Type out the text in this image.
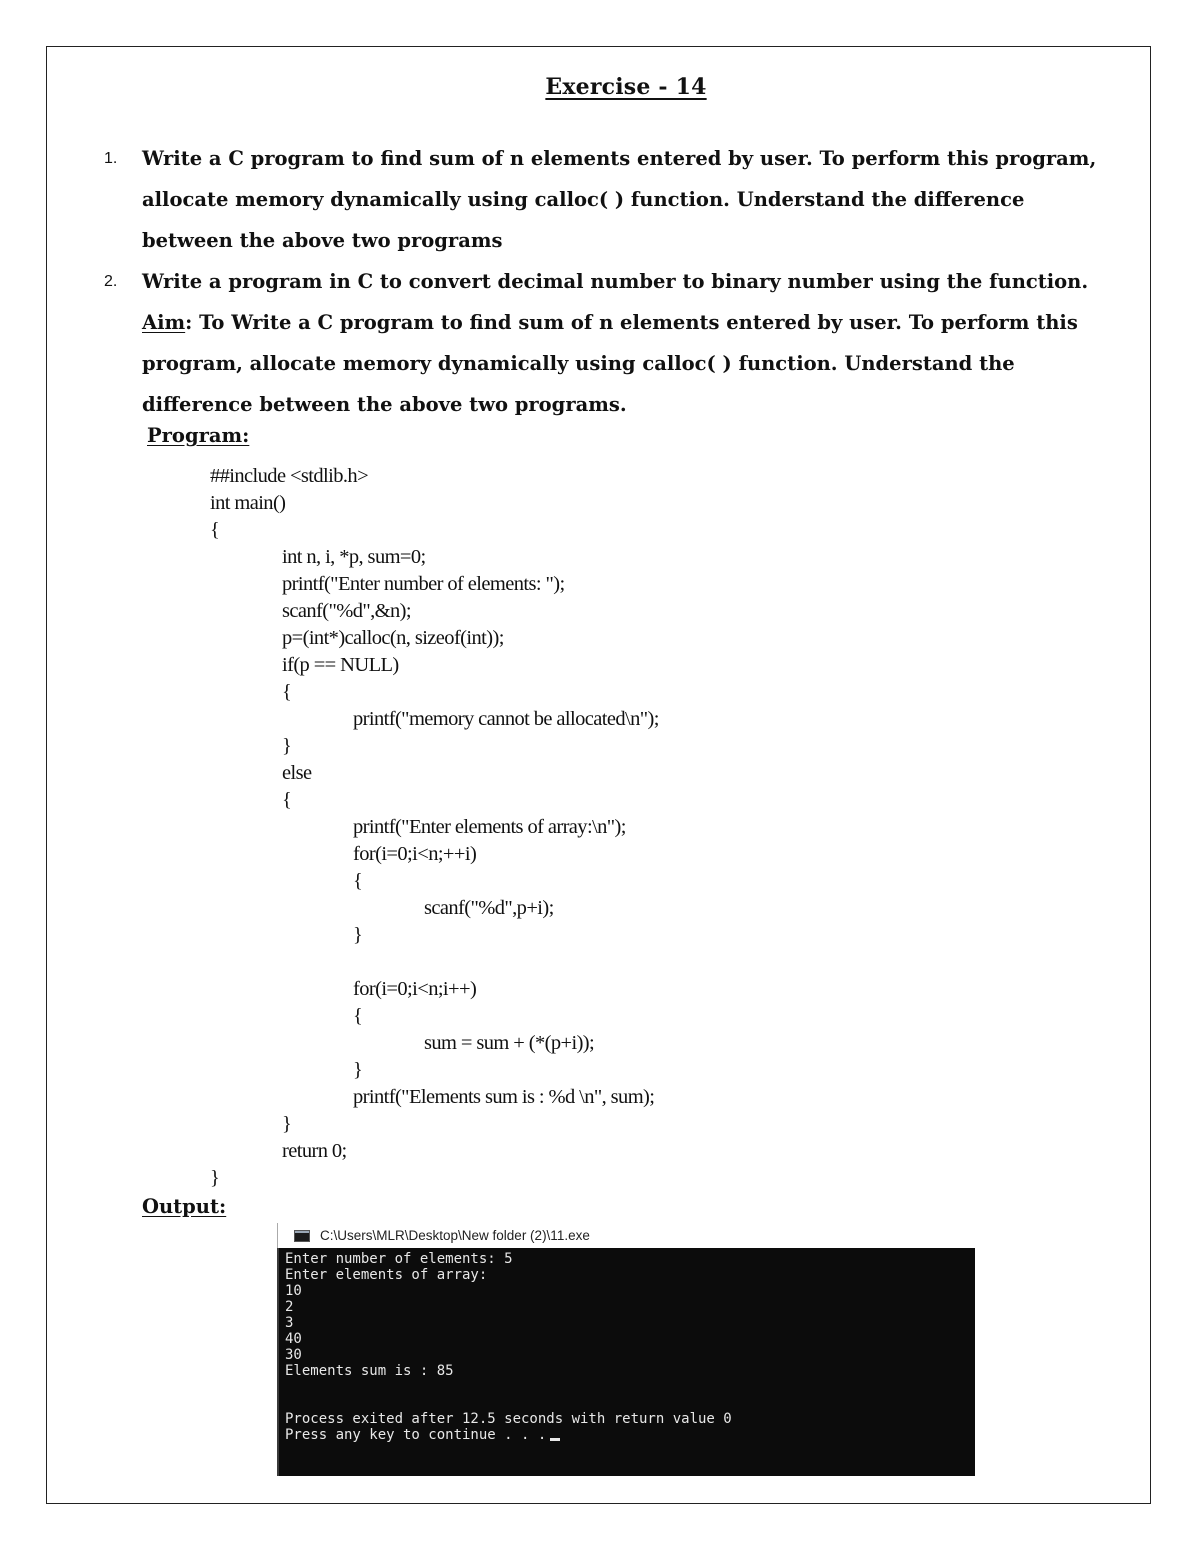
Exercise - 14
1. Write a C program to find sum of n elements entered by user. To perform this program, allocate memory dynamically using calloc( ) function. Understand the difference between the above two programs
2. Write a program in C to convert decimal number to binary number using the function.
Aim: To Write a C program to find sum of n elements entered by user. To perform this program, allocate memory dynamically using calloc( ) function. Understand the difference between the above two programs.
Program:
##include <stdlib.h>
int main()
{
int n, i, *p, sum=0;
printf("Enter number of elements: ");
scanf("%d",&n);
p=(int*)calloc(n, sizeof(int));
if(p == NULL)
{
printf("memory cannot be allocated\n");
}
else
{
printf("Enter elements of array:\n");
for(i=0;i<n;++i)
{
scanf("%d",p+i);
}
for(i=0;i<n;i++)
{
sum = sum + (*(p+i));
}
printf("Elements sum is : %d \n", sum);
}
return 0;
}
Output:
C:\Users\MLR\Desktop\New folder (2)\11.exe
Enter number of elements: 5
Enter elements of array:
10
2
3
40
30
Elements sum is : 85
Process exited after 12.5 seconds with return value 0
Press any key to continue . . .
